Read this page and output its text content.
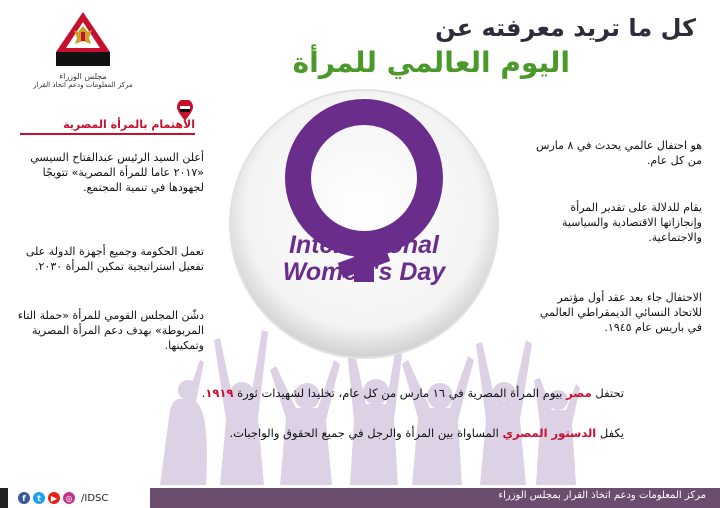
مجلس الوزراء
مركز المعلومات ودعم اتخاذ القرار
كل ما تريد معرفته عن
اليوم العالمي للمرأة
International
Women's Day
هو احتفال عالمي يحدث في ٨ مارس من كل عام.
يقام للدلالة على تقدير المرأة وإنجازاتها الاقتصادية والسياسية والاجتماعية.
الاحتفال جاء بعد عقد أول مؤتمر للاتحاد النسائي الديمقراطي العالمي في باريس عام ١٩٤٥.
الاهتمام بالمرأة المصرية
أعلن السيد الرئيس عبدالفتاح السيسي «٢٠١٧ عاما للمرأة المصرية» تتويجًا لجهودها في تنمية المجتمع.
تعمل الحكومة وجميع أجهزة الدولة على تفعيل استراتيجية تمكين المرأة ٢٠٣٠.
دشّن المجلس القومي للمرأة «حملة التاء المربوطة» بهدف دعم المرأة المصرية وتمكينها.
تحتفل مصر بيوم المرأة المصرية في ١٦ مارس من كل عام، تخليدا لشهيدات ثورة ١٩١٩.
يكفل الدستور المصري المساواة بين المرأة والرجل في جميع الحقوق والواجبات.
مركز المعلومات ودعم اتخاذ القرار بمجلس الوزراء
f	t	▶	◎ /IDSC
